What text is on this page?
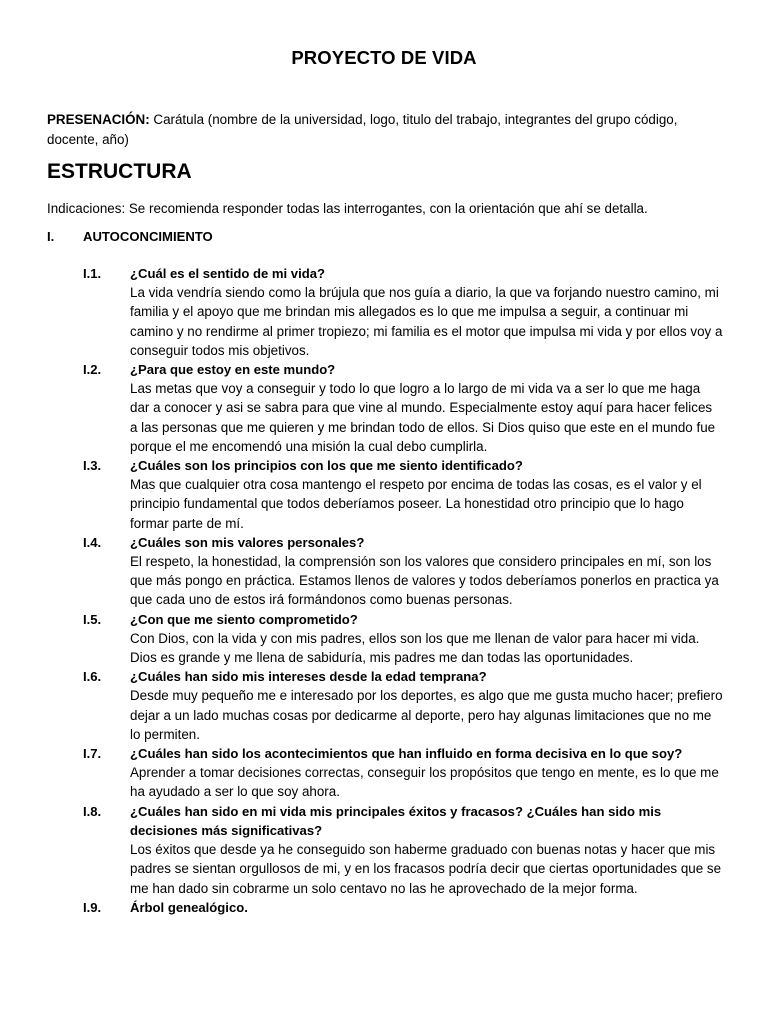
PROYECTO DE VIDA
PRESENACIÓN: Carátula (nombre de la universidad, logo, titulo del trabajo, integrantes del grupo código, docente, año)
ESTRUCTURA
Indicaciones: Se recomienda responder todas las interrogantes, con la orientación que ahí se detalla.
I. AUTOCONCIMIENTO
I.1.	¿Cuál es el sentido de mi vida?

La vida vendría siendo como la brújula que nos guía a diario, la que va forjando nuestro camino, mi familia y el apoyo que me brindan mis allegados es lo que me impulsa a seguir, a continuar mi camino y no rendirme al primer tropiezo; mi familia es el motor que impulsa mi vida y por ellos voy a conseguir todos mis objetivos.

I.2.	¿Para que estoy en este mundo?

Las metas que voy a conseguir y todo lo que logro a lo largo de mi vida va a ser lo que me haga dar a conocer y asi se sabra para que vine al mundo. Especialmente estoy aquí para hacer felices a las personas que me quieren y me brindan todo de ellos. Si Dios quiso que este en el mundo fue porque el me encomendó una misión la cual debo cumplirla.

I.3.	¿Cuáles son los principios con los que me siento identificado?

Mas que cualquier otra cosa mantengo el respeto por encima de todas las cosas, es el valor y el principio fundamental que todos deberíamos poseer. La honestidad otro principio que lo hago formar parte de mí.

I.4.	¿Cuáles son mis valores personales?

El respeto, la honestidad, la comprensión son los valores que considero principales en mí, son los que más pongo en práctica. Estamos llenos de valores y todos deberíamos ponerlos en practica ya que cada uno de estos irá formándonos como buenas personas.

I.5.	¿Con que me siento comprometido?

Con Dios, con la vida y con mis padres, ellos son los que me llenan de valor para hacer mi vida. Dios es grande y me llena de sabiduría, mis padres me dan todas las oportunidades.

I.6.	¿Cuáles han sido mis intereses desde la edad temprana?

Desde muy pequeño me e interesado por los deportes, es algo que me gusta mucho hacer; prefiero dejar a un lado muchas cosas por dedicarme al deporte, pero hay algunas limitaciones que no me lo permiten.

I.7.	¿Cuáles han sido los acontecimientos que han influido en forma decisiva en lo que soy?

Aprender a tomar decisiones correctas, conseguir los propósitos que tengo en mente, es lo que me ha ayudado a ser lo que soy ahora.

I.8.	¿Cuáles han sido en mi vida mis principales éxitos y fracasos? ¿Cuáles han sido mis decisiones más significativas?

Los éxitos que desde ya he conseguido son haberme graduado con buenas notas y hacer que mis padres se sientan orgullosos de mi, y en los fracasos podría decir que ciertas oportunidades que se me han dado sin cobrarme un solo centavo no las he aprovechado de la mejor forma.

I.9.	Árbol genealógico.
